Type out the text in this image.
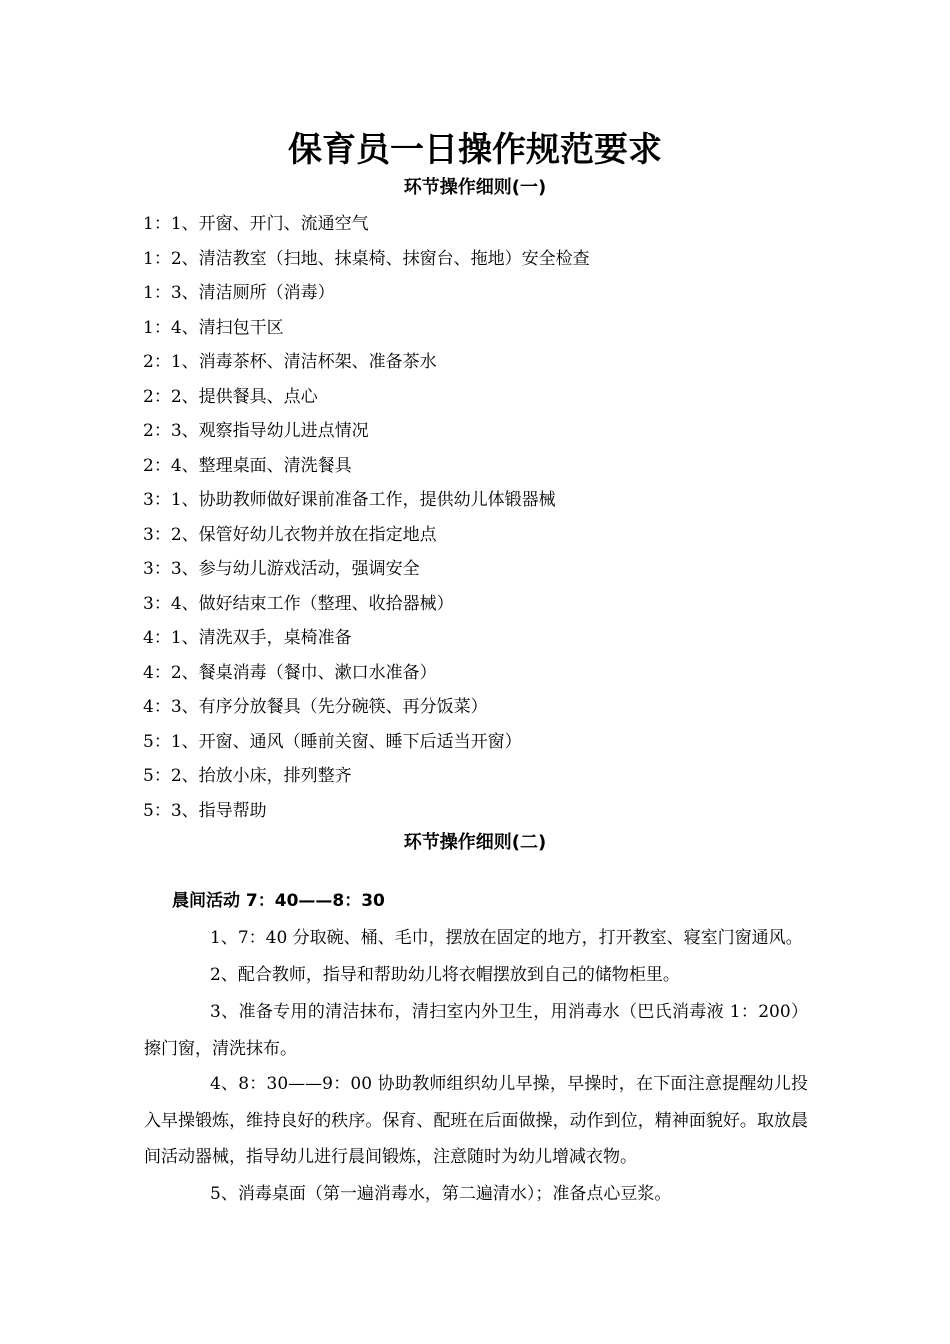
保育员一日操作规范要求
环节操作细则(一)
1：1、开窗、开门、流通空气
1：2、清洁教室（扫地、抹桌椅、抹窗台、拖地）安全检查
1：3、清洁厕所（消毒）
1：4、清扫包干区
2：1、消毒茶杯、清洁杯架、准备茶水
2：2、提供餐具、点心
2：3、观察指导幼儿进点情况
2：4、整理桌面、清洗餐具
3：1、协助教师做好课前准备工作，提供幼儿体锻器械
3：2、保管好幼儿衣物并放在指定地点
3：3、参与幼儿游戏活动，强调安全
3：4、做好结束工作（整理、收拾器械）
4：1、清洗双手，桌椅准备
4：2、餐桌消毒（餐巾、漱口水准备）
4：3、有序分放餐具（先分碗筷、再分饭菜）
5：1、开窗、通风（睡前关窗、睡下后适当开窗）
5：2、抬放小床，排列整齐
5：3、指导帮助
环节操作细则(二)
晨间活动 7：40——8：30

1、7：40 分取碗、桶、毛巾，摆放在固定的地方，打开教室、寝室门窗通风。

2、配合教师，指导和帮助幼儿将衣帽摆放到自己的储物柜里。

3、准备专用的清洁抹布，清扫室内外卫生，用消毒水（巴氏消毒液 1：200）擦门窗，清洗抹布。

4、8：30——9：00 协助教师组织幼儿早操，早操时，在下面注意提醒幼儿投入早操锻炼，维持良好的秩序。保育、配班在后面做操，动作到位，精神面貌好。取放晨间活动器械，指导幼儿进行晨间锻炼，注意随时为幼儿增减衣物。

5、消毒桌面（第一遍消毒水，第二遍清水）；准备点心豆浆。
